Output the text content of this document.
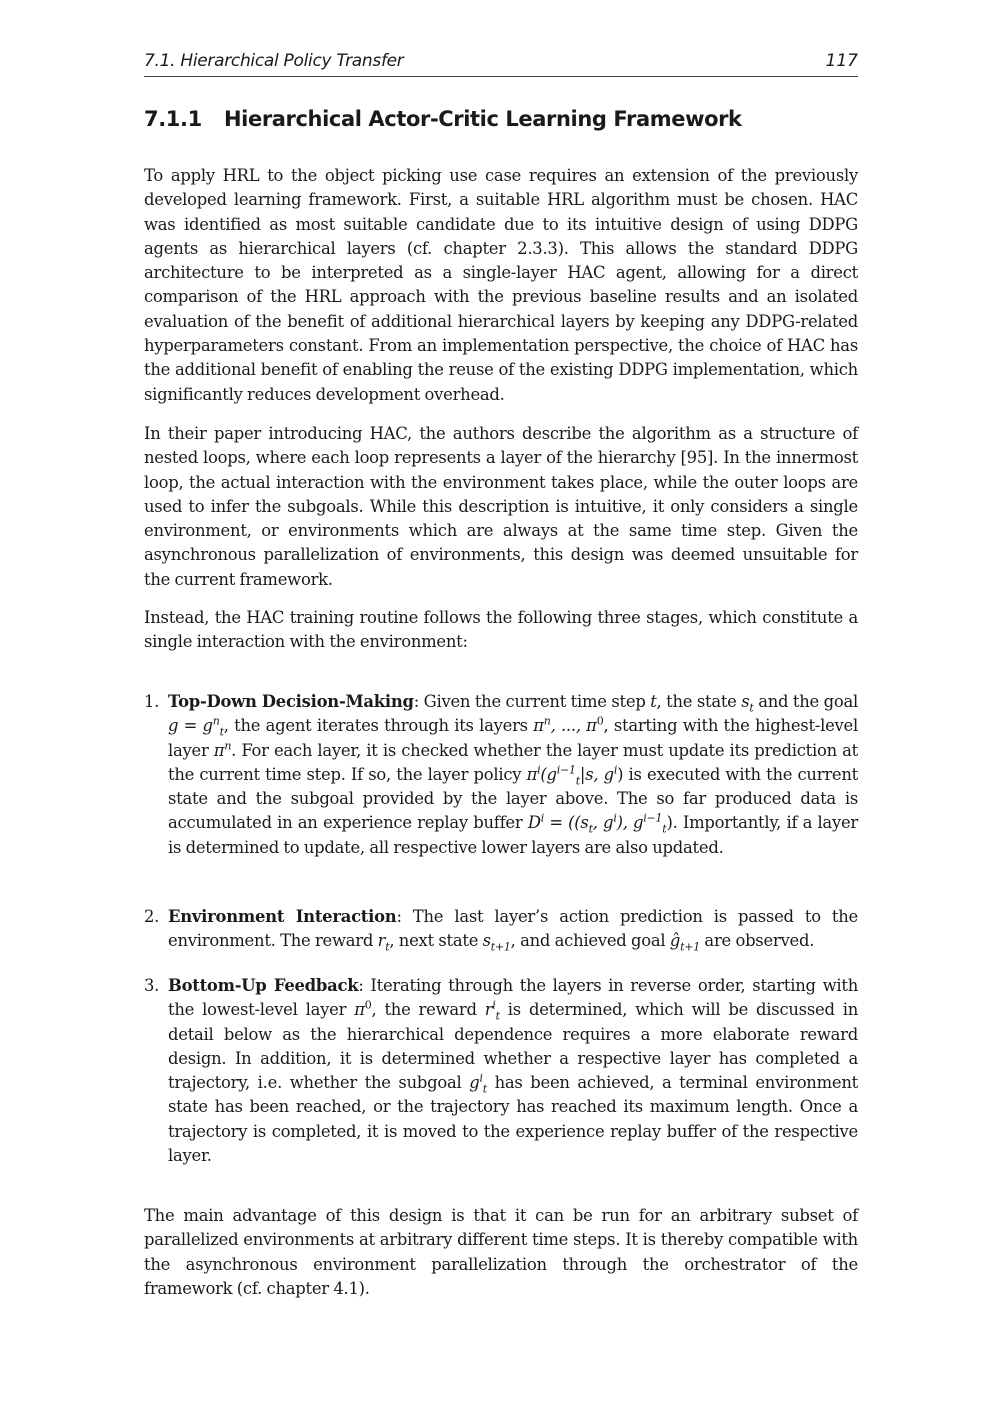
7.1. Hierarchical Policy Transfer	117
7.1.1 Hierarchical Actor-Critic Learning Framework

To apply HRL to the object picking use case requires an extension of the previously developed learning framework. First, a suitable HRL algorithm must be chosen. HAC was identified as most suitable candidate due to its intuitive design of using DDPG agents as hierarchical layers (cf. chapter 2.3.3). This allows the standard DDPG architecture to be interpreted as a single-layer HAC agent, allowing for a direct comparison of the HRL approach with the previous baseline results and an isolated evaluation of the benefit of additional hierarchical layers by keeping any DDPG-related hyperparameters constant. From an implementation perspective, the choice of HAC has the additional benefit of enabling the reuse of the existing DDPG implementation, which significantly reduces development overhead.

In their paper introducing HAC, the authors describe the algorithm as a structure of nested loops, where each loop represents a layer of the hierarchy [95]. In the innermost loop, the actual interaction with the environment takes place, while the outer loops are used to infer the subgoals. While this description is intuitive, it only considers a single environment, or environments which are always at the same time step. Given the asynchronous parallelization of environments, this design was deemed unsuitable for the current framework.

Instead, the HAC training routine follows the following three stages, which constitute a single interaction with the environment:

1. Top-Down Decision-Making: Given the current time step t, the state $s_t$ and the goal $g = g^n_t$, the agent iterates through its layers $\pi^n$, ..., $\pi^0$, starting with the highest-level layer $\pi^n$. For each layer, it is checked whether the layer must update its prediction at the current time step. If so, the layer policy $\pi^i(g^{i-1}_t|s$, $g^i$) is executed with the current state and the subgoal provided by the layer above. The so far produced data is accumulated in an experience replay buffer $D^i = ((s_t$, $g^i$), $g^{i-1}_t$). Importantly, if a layer is determined to update, all respective lower layers are also updated.
2. Environment Interaction: The last layer’s action prediction is passed to the environment. The reward $r_t$, next state $s_{t+1}$, and achieved goal $ĝ_{t+1}$ are observed.
3. Bottom-Up Feedback: Iterating through the layers in reverse order, starting with the lowest-level layer $\pi^0$, the reward $r^i_t$ is determined, which will be discussed in detail below as the hierarchical dependence requires a more elaborate reward design. In addition, it is determined whether a respective layer has completed a trajectory, i.e. whether the subgoal $g^i_t$ has been achieved, a terminal environment state has been reached, or the trajectory has reached its maximum length. Once a trajectory is completed, it is moved to the experience replay buffer of the respective layer.

The main advantage of this design is that it can be run for an arbitrary subset of parallelized environments at arbitrary different time steps. It is thereby compatible with the asynchronous environment parallelization through the orchestrator of the framework (cf. chapter 4.1).
